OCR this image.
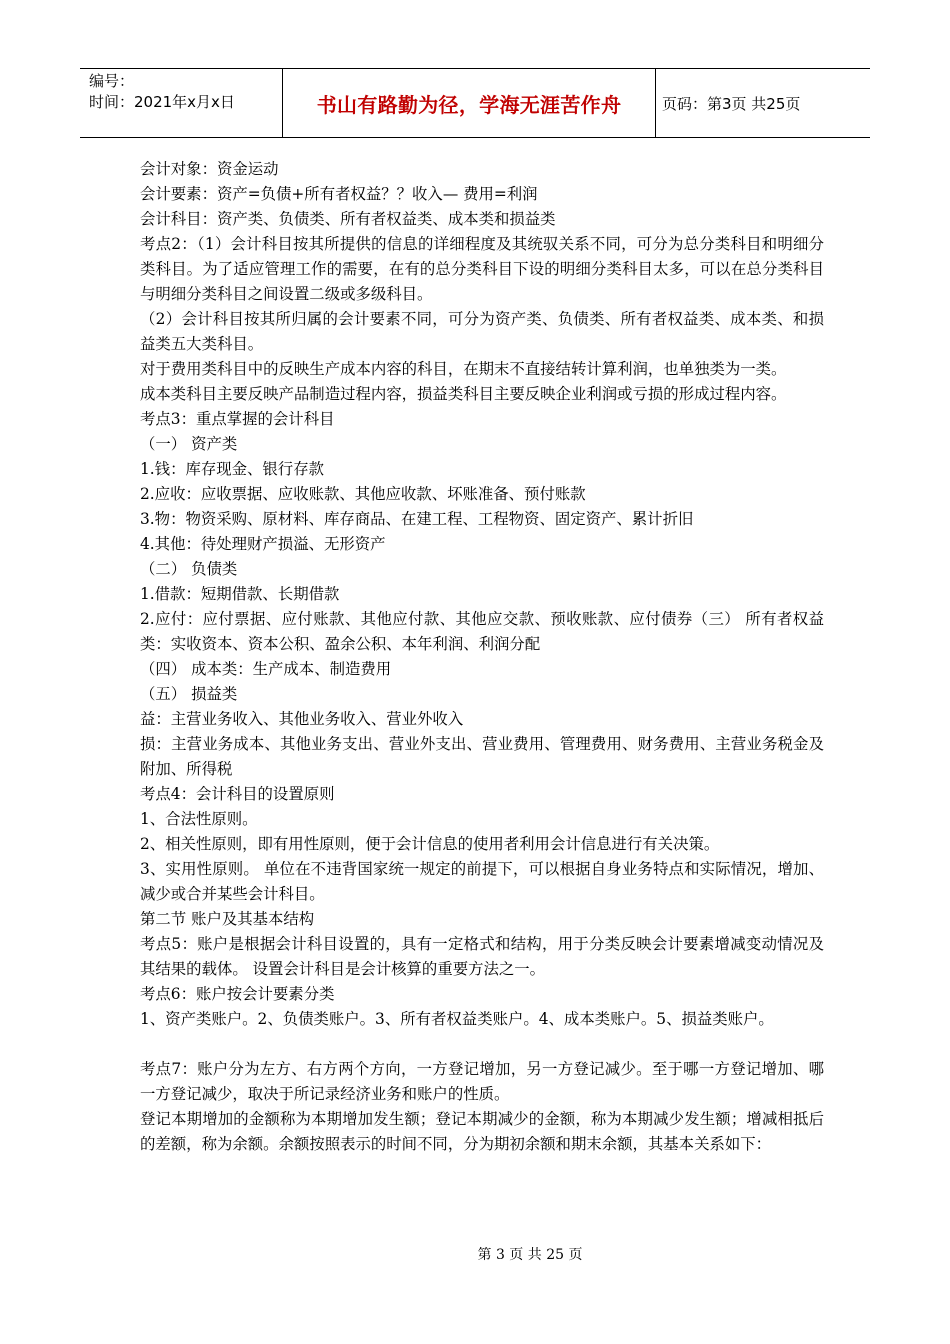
编号：
时间：2021年x月x日	书山有路勤为径，学海无涯苦作舟	页码：第3页 共25页

会计对象：资金运动

会计要素：资产=负债+所有者权益？？收入— 费用=利润

会计科目：资产类、负债类、所有者权益类、成本类和损益类

考点2：（1）会计科目按其所提供的信息的详细程度及其统驭关系不同，可分为总分类科目和明细分类科目。为了适应管理工作的需要，在有的总分类科目下设的明细分类科目太多，可以在总分类科目与明细分类科目之间设置二级或多级科目。

（2）会计科目按其所归属的会计要素不同，可分为资产类、负债类、所有者权益类、成本类、和损益类五大类科目。

对于费用类科目中的反映生产成本内容的科目，在期末不直接结转计算利润，也单独类为一类。

成本类科目主要反映产品制造过程内容，损益类科目主要反映企业利润或亏损的形成过程内容。

考点3：重点掌握的会计科目

（一） 资产类

1.钱：库存现金、银行存款

2.应收：应收票据、应收账款、其他应收款、坏账准备、预付账款

3.物：物资采购、原材料、库存商品、在建工程、工程物资、固定资产、累计折旧

4.其他：待处理财产损溢、无形资产

（二） 负债类

1.借款：短期借款、长期借款

2.应付：应付票据、应付账款、其他应付款、其他应交款、预收账款、应付债券（三） 所有者权益类：实收资本、资本公积、盈余公积、本年利润、利润分配

（四） 成本类：生产成本、制造费用

（五） 损益类

益：主营业务收入、其他业务收入、营业外收入

损：主营业务成本、其他业务支出、营业外支出、营业费用、管理费用、财务费用、主营业务税金及附加、所得税

考点4：会计科目的设置原则

1、合法性原则。

2、相关性原则，即有用性原则，便于会计信息的使用者利用会计信息进行有关决策。

3、实用性原则。 单位在不违背国家统一规定的前提下，可以根据自身业务特点和实际情况，增加、减少或合并某些会计科目。

第二节 账户及其基本结构

考点5：账户是根据会计科目设置的，具有一定格式和结构，用于分类反映会计要素增减变动情况及其结果的载体。 设置会计科目是会计核算的重要方法之一。

考点6：账户按会计要素分类

1、资产类账户。2、负债类账户。3、所有者权益类账户。4、成本类账户。5、损益类账户。

考点7：账户分为左方、右方两个方向，一方登记增加，另一方登记减少。至于哪一方登记增加、哪一方登记减少，取决于所记录经济业务和账户的性质。

登记本期增加的金额称为本期增加发生额；登记本期减少的金额，称为本期减少发生额；增减相抵后的差额，称为余额。余额按照表示的时间不同，分为期初余额和期末余额，其基本关系如下：

第 3 页 共 25 页
